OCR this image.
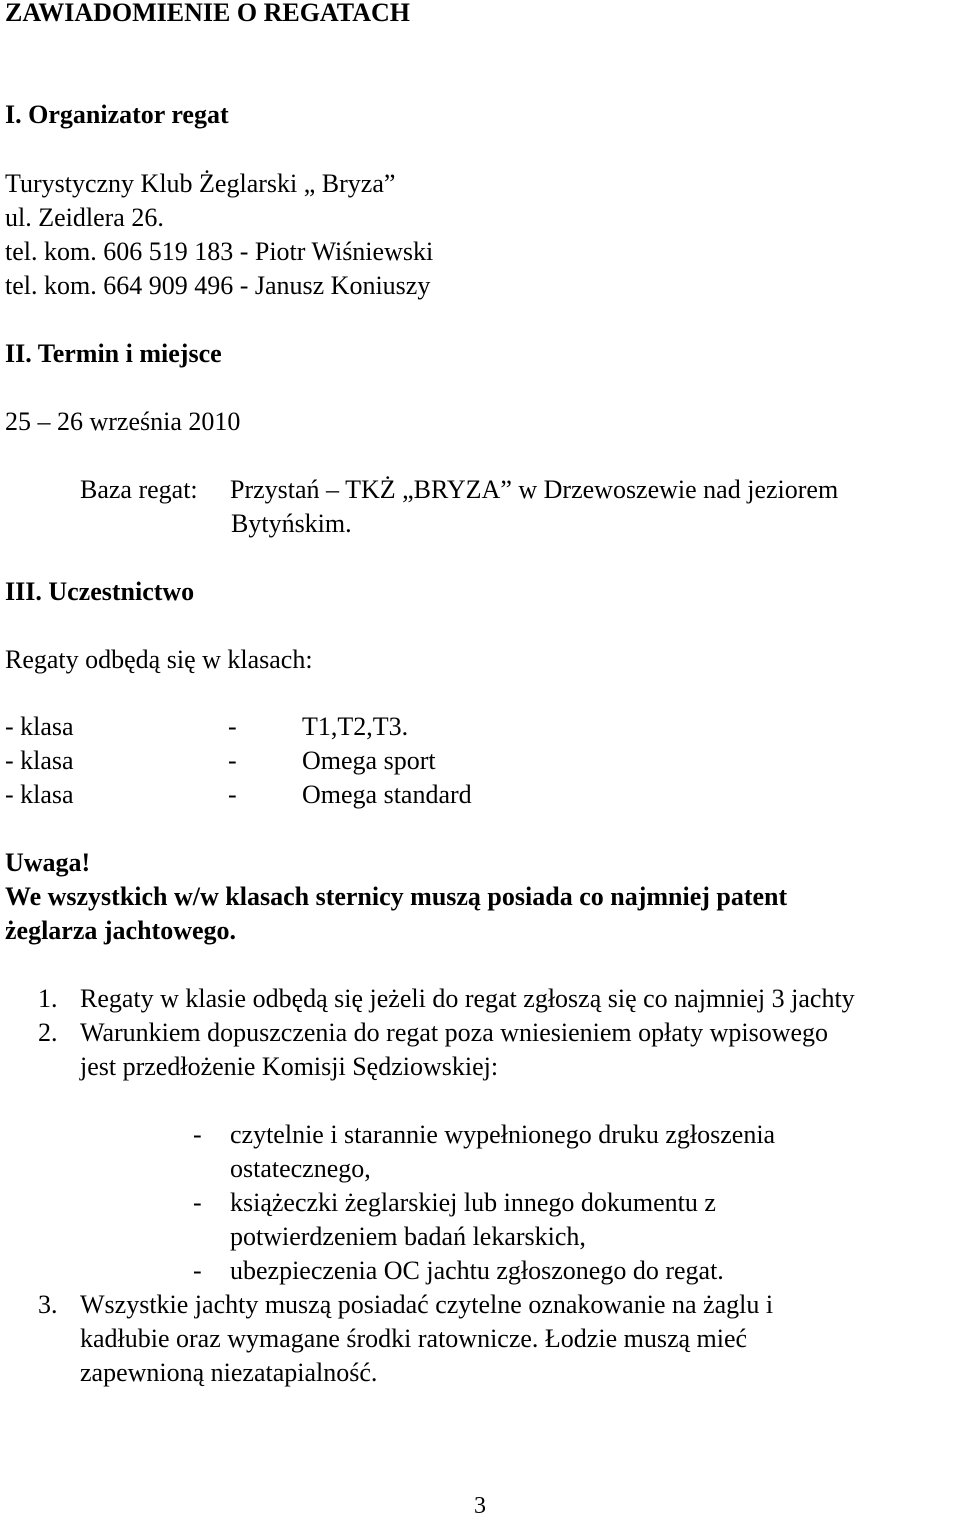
ZAWIADOMIENIE O REGATACH
I. Organizator regat
Turystyczny Klub Żeglarski „ Bryza”
ul. Zeidlera 26.
tel. kom. 606 519 183 - Piotr Wiśniewski
tel. kom. 664 909 496 - Janusz Koniuszy
II. Termin i miejsce
25 – 26 września 2010
Baza regat: Przystań – TKŻ „BRYZA” w Drzewoszewie nad jeziorem
Bytyńskim.
III. Uczestnictwo
Regaty odbędą się w klasach:
- klasa	-	T1,T2,T3.
- klasa	-	Omega sport
- klasa	-	Omega standard
Uwaga!
We wszystkich w/w klasach sternicy muszą posiada co najmniej patent
żeglarza jachtowego.
1. Regaty w klasie odbędą się jeżeli do regat zgłoszą się co najmniej 3 jachty
2. Warunkiem dopuszczenia do regat poza wniesieniem opłaty wpisowego
jest przedłożenie Komisji Sędziowskiej:
- czytelnie i starannie wypełnionego druku zgłoszenia
ostatecznego,
- książeczki żeglarskiej lub innego dokumentu z
potwierdzeniem badań lekarskich,
- ubezpieczenia OC jachtu zgłoszonego do regat.
3. Wszystkie jachty muszą posiadać czytelne oznakowanie na żaglu i
kadłubie oraz wymagane środki ratownicze. Łodzie muszą mieć
zapewnioną niezatapialność.
3
